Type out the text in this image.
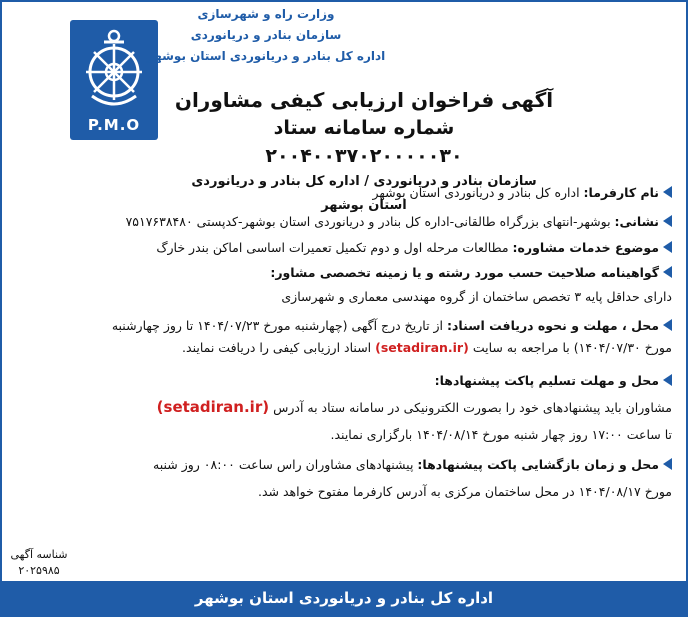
P.M.O
وزارت راه و شهرسازی
سازمان بنادر و دریانوردی
اداره کل بنادر و دریانوردی استان بوشهر
آگهی فراخوان ارزیابی کیفی مشاوران
شماره سامانه ستاد ۲۰۰۴۰۰۳۷۰۲۰۰۰۰۰۳۰
سازمان بنادر و دریانوردی / اداره کل بنادر و دریانوردی استان بوشهر
نام کارفرما: اداره کل بنادر و دریانوردی استان بوشهر
نشانی: بوشهر-انتهای بزرگراه طالقانی-اداره کل بنادر و دریانوردی استان بوشهر-کدپستی ۷۵۱۷۶۳۸۴۸۰
موضوع خدمات مشاوره: مطالعات مرحله اول و دوم تکمیل تعمیرات اساسی اماکن بندر خارگ
گواهینامه صلاحیت حسب مورد رشته و یا زمینه تخصصی مشاور:
دارای حداقل پایه ۳ تخصص ساختمان از گروه مهندسی معماری و شهرسازی
محل ، مهلت و نحوه دریافت اسناد: از تاریخ درج آگهی (چهارشنبه مورخ ۱۴۰۴/۰۷/۲۳ تا روز چهارشنبه
مورخ ۱۴۰۴/۰۷/۳۰) با مراجعه به سایت (setadiran.ir) اسناد ارزیابی کیفی را دریافت نمایند.
محل و مهلت تسلیم پاکت پیشنهادها:
مشاوران باید پیشنهادهای خود را بصورت الکترونیکی در سامانه ستاد به آدرس (setadiran.ir)
تا ساعت ۱۷:۰۰ روز چهار شنبه مورخ ۱۴۰۴/۰۸/۱۴ بارگزاری نمایند.
محل و زمان بازگشایی پاکت پیشنهادها: پیشنهادهای مشاوران راس ساعت ۰۸:۰۰ روز شنبه
مورخ ۱۴۰۴/۰۸/۱۷ در محل ساختمان مرکزی به آدرس کارفرما مفتوح خواهد شد.
شناسه آگهی
۲۰۲۵۹۸۵
اداره کل بنادر و دریانوردی استان بوشهر
